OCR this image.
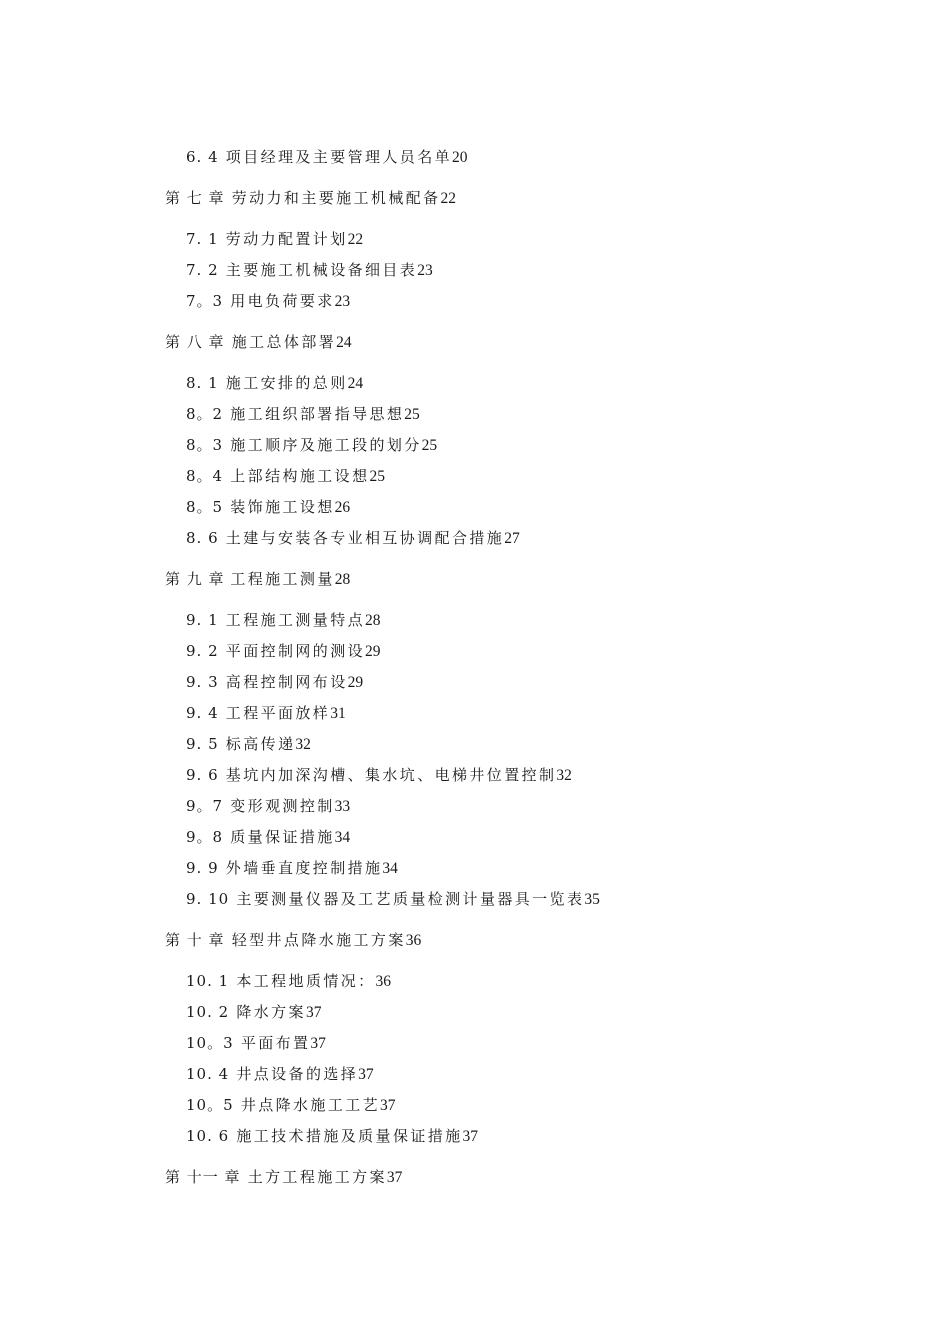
6. 4 项目经理及主要管理人员名单20
第 七 章 劳动力和主要施工机械配备22
7. 1 劳动力配置计划22
7. 2 主要施工机械设备细目表23
7。3 用电负荷要求23
第 八 章 施工总体部署24
8. 1 施工安排的总则24
8。2 施工组织部署指导思想25
8。3 施工顺序及施工段的划分25
8。4 上部结构施工设想25
8。5 装饰施工设想26
8. 6 土建与安装各专业相互协调配合措施27
第 九 章 工程施工测量28
9. 1 工程施工测量特点28
9. 2 平面控制网的测设29
9. 3 高程控制网布设29
9. 4 工程平面放样31
9. 5 标高传递32
9. 6 基坑内加深沟槽、集水坑、电梯井位置控制32
9。7 变形观测控制33
9。8 质量保证措施34
9. 9 外墙垂直度控制措施34
9. 10 主要测量仪器及工艺质量检测计量器具一览表35
第 十 章 轻型井点降水施工方案36
10. 1 本工程地质情况：36
10. 2 降水方案37
10。3 平面布置37
10. 4 井点设备的选择37
10。5 井点降水施工工艺37
10. 6 施工技术措施及质量保证措施37
第 十一 章 土方工程施工方案37
